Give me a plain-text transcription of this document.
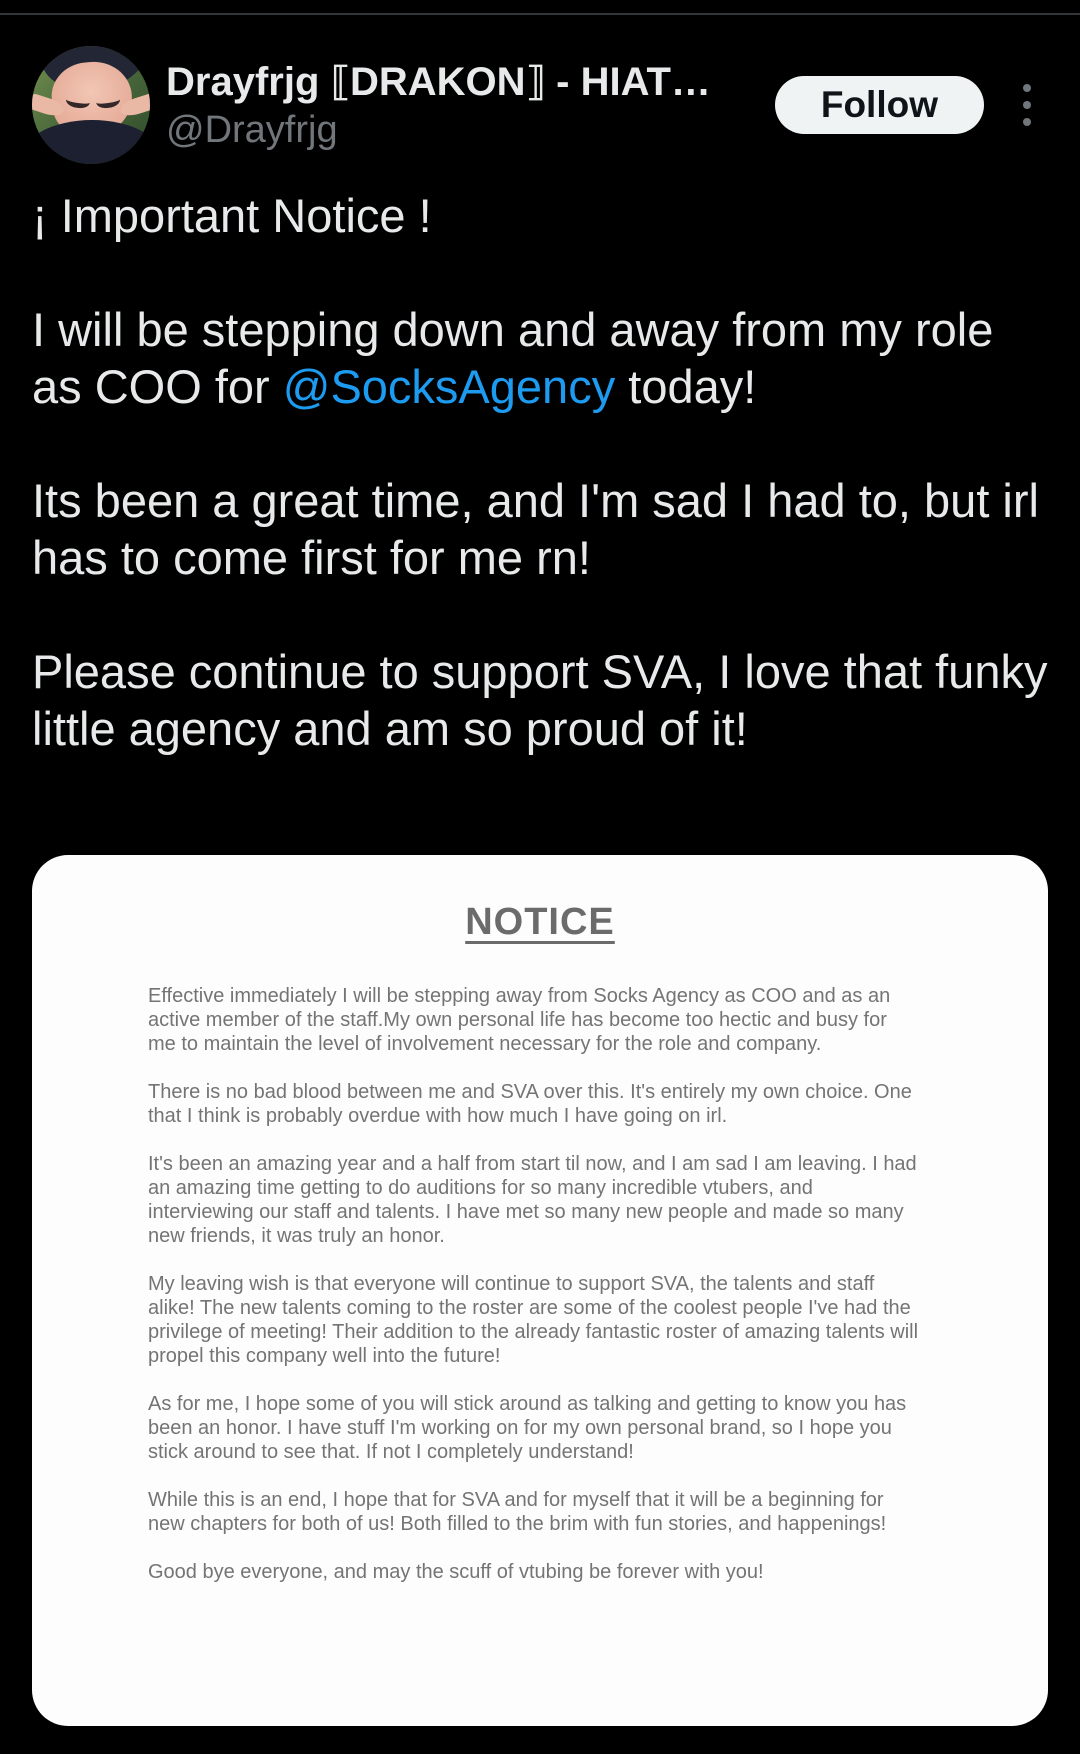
Drayfrjg ⟦DRAKON⟧ - HIAT…
@Drayfrjg
Follow

¡ Important Notice !

I will be stepping down and away from my role as COO for @SocksAgency today!

Its been a great time, and I'm sad I had to, but irl has to come first for me rn!

Please continue to support SVA, I love that funky little agency and am so proud of it!

NOTICE

Effective immediately I will be stepping away from Socks Agency as COO and as an active member of the staff.My own personal life has become too hectic and busy for me to maintain the level of involvement necessary for the role and company.

There is no bad blood between me and SVA over this. It's entirely my own choice. One that I think is probably overdue with how much I have going on irl.

It's been an amazing year and a half from start til now, and I am sad I am leaving. I had an amazing time getting to do auditions for so many incredible vtubers, and interviewing our staff and talents. I have met so many new people and made so many new friends, it was truly an honor.

My leaving wish is that everyone will continue to support SVA, the talents and staff alike! The new talents coming to the roster are some of the coolest people I've had the privilege of meeting! Their addition to the already fantastic roster of amazing talents will propel this company well into the future!

As for me, I hope some of you will stick around as talking and getting to know you has been an honor. I have stuff I'm working on for my own personal brand, so I hope you stick around to see that. If not I completely understand!

While this is an end, I hope that for SVA and for myself that it will be a beginning for new chapters for both of us! Both filled to the brim with fun stories, and happenings!

Good bye everyone, and may the scuff of vtubing be forever with you!
